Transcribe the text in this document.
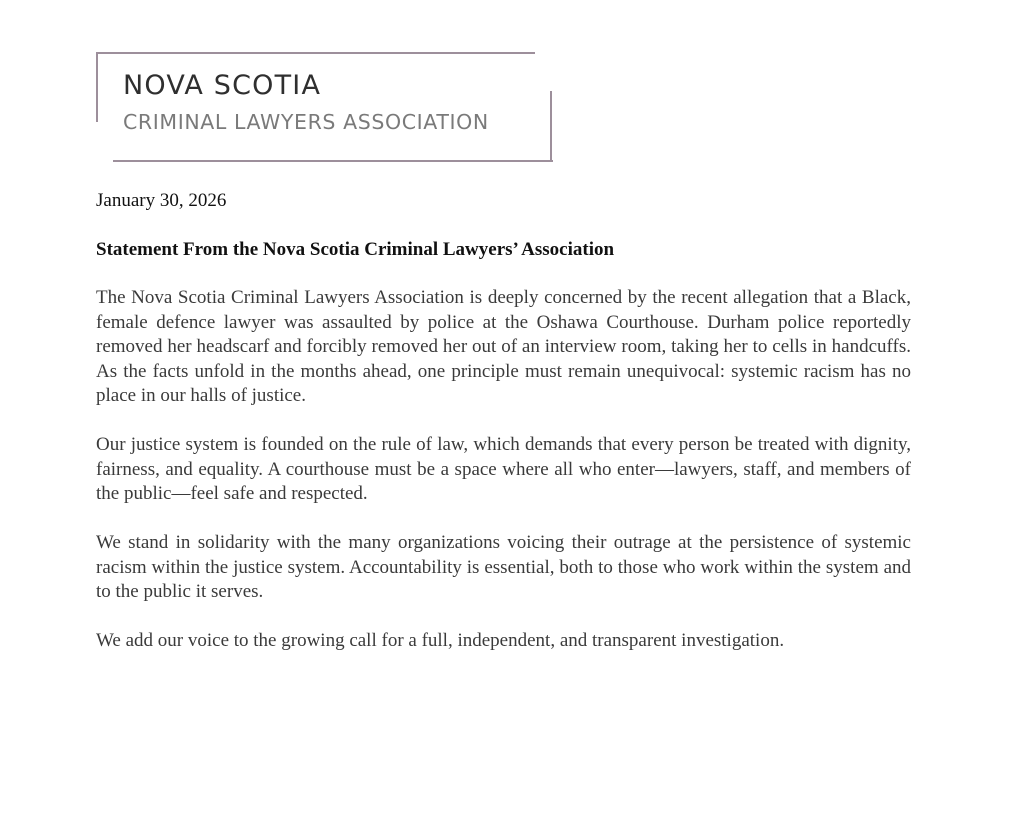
NOVA SCOTIA
CRIMINAL LAWYERS ASSOCIATION

January 30, 2026

Statement From the Nova Scotia Criminal Lawyers’ Association

The Nova Scotia Criminal Lawyers Association is deeply concerned by the recent allegation that a Black, female defence lawyer was assaulted by police at the Oshawa Courthouse. Durham police reportedly removed her headscarf and forcibly removed her out of an interview room, taking her to cells in handcuffs. As the facts unfold in the months ahead, one principle must remain unequivocal: systemic racism has no place in our halls of justice.

Our justice system is founded on the rule of law, which demands that every person be treated with dignity, fairness, and equality. A courthouse must be a space where all who enter—lawyers, staff, and members of the public—feel safe and respected.

We stand in solidarity with the many organizations voicing their outrage at the persistence of systemic racism within the justice system. Accountability is essential, both to those who work within the system and to the public it serves.

We add our voice to the growing call for a full, independent, and transparent investigation.
